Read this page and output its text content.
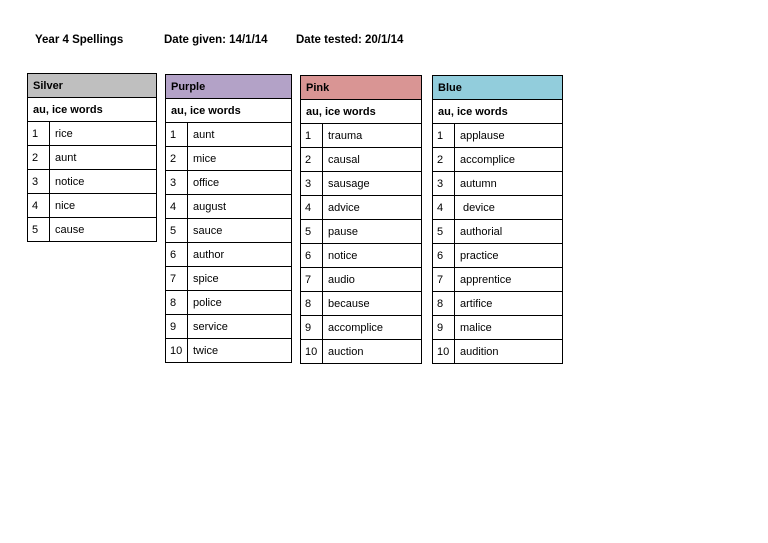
Year 4 Spellings	Date given: 14/1/14 Date tested: 20/1/14
Silver	
au, ice words	
1	rice
2	aunt
3	notice
4	nice
5	cause
Purple	
au, ice words	
1	aunt
2	mice
3	office
4	august
5	sauce
6	author
7	spice
8	police
9	service
10	twice
Pink	
au, ice words	
1	trauma
2	causal
3	sausage
4	advice
5	pause
6	notice
7	audio
8	because
9	accomplice
10	auction
Blue	
au, ice words	
1	applause
2	accomplice
3	autumn
4	device
5	authorial
6	practice
7	apprentice
8	artifice
9	malice
10	audition
